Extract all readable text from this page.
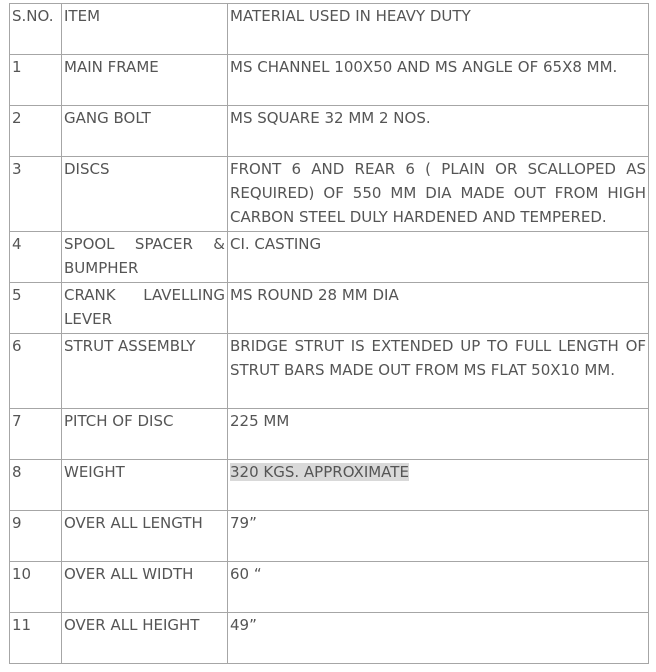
S.NO.	ITEM	MATERIAL USED IN HEAVY DUTY
1	MAIN FRAME	MS CHANNEL 100X50 AND MS ANGLE OF 65X8 MM.
2	GANG BOLT	MS SQUARE 32 MM 2 NOS.
3	DISCS	FRONT 6 AND REAR 6 ( PLAIN OR SCALLOPED AS REQUIRED) OF 550 MM DIA MADE OUT FROM HIGH CARBON STEEL DULY HARDENED AND TEMPERED.
4	SPOOL SPACER & BUMPHER	CI. CASTING
5	CRANK LAVELLING LEVER	MS ROUND 28 MM DIA
6	STRUT ASSEMBLY	BRIDGE STRUT IS EXTENDED UP TO FULL LENGTH OF STRUT BARS MADE OUT FROM MS FLAT 50X10 MM.
7	PITCH OF DISC	225 MM
8	WEIGHT	320 KGS. APPROXIMATE
9	OVER ALL LENGTH	79”
10	OVER ALL WIDTH	60 “
11	OVER ALL HEIGHT	49”
